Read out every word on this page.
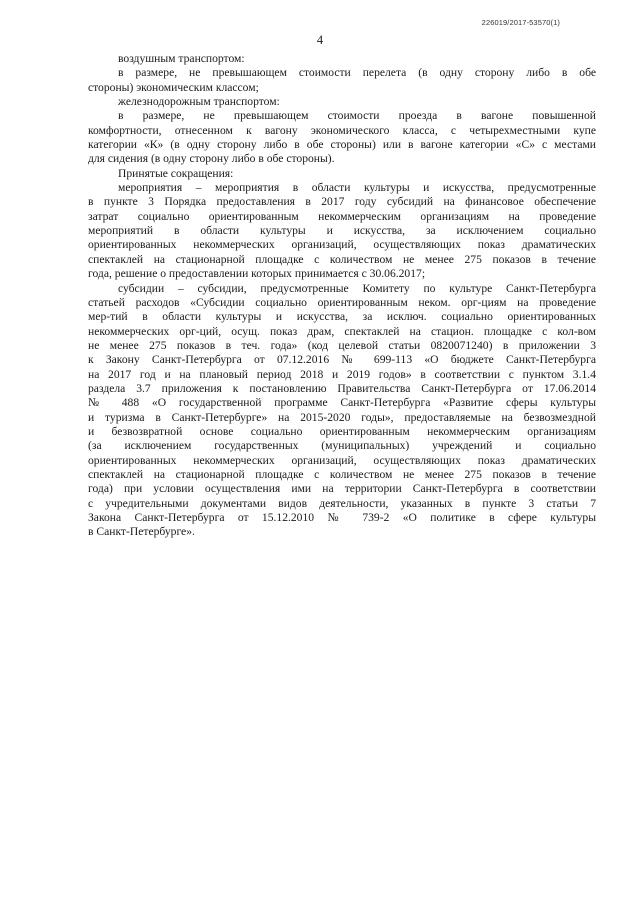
226019/2017-53570(1)
4
воздушным транспортом:
в размере, не превышающем стоимости перелета (в одну сторону либо в обе
стороны) экономическим классом;
железнодорожным транспортом:
в размере, не превышающем стоимости проезда в вагоне повышенной
комфортности, отнесенном к вагону экономического класса, с четырехместными купе
категории «К» (в одну сторону либо в обе стороны) или в вагоне категории «С» с местами
для сидения (в одну сторону либо в обе стороны).
Принятые сокращения:
мероприятия – мероприятия в области культуры и искусства, предусмотренные
в пункте 3 Порядка предоставления в 2017 году субсидий на финансовое обеспечение
затрат социально ориентированным некоммерческим организациям на проведение
мероприятий в области культуры и искусства, за исключением социально
ориентированных некоммерческих организаций, осуществляющих показ драматических
спектаклей на стационарной площадке с количеством не менее 275 показов в течение
года, решение о предоставлении которых принимается с 30.06.2017;
субсидии – субсидии, предусмотренные Комитету по культуре Санкт-Петербурга
статьей расходов «Субсидии социально ориентированным неком. орг-циям на проведение
мер-тий в области культуры и искусства, за исключ. социально ориентированных
некоммерческих орг-ций, осущ. показ драм, спектаклей на стацион. площадке с кол-вом
не менее 275 показов в теч. года» (код целевой статьи 0820071240) в приложении 3
к Закону Санкт-Петербурга от 07.12.2016 № 699-113 «О бюджете Санкт-Петербурга
на 2017 год и на плановый период 2018 и 2019 годов» в соответствии с пунктом 3.1.4
раздела 3.7 приложения к постановлению Правительства Санкт-Петербурга от 17.06.2014
№ 488 «О государственной программе Санкт-Петербурга «Развитие сферы культуры
и туризма в Санкт-Петербурге» на 2015-2020 годы», предоставляемые на безвозмездной
и безвозвратной основе социально ориентированным некоммерческим организациям
(за исключением государственных (муниципальных) учреждений и социально
ориентированных некоммерческих организаций, осуществляющих показ драматических
спектаклей на стационарной площадке с количеством не менее 275 показов в течение
года) при условии осуществления ими на территории Санкт-Петербурга в соответствии
с учредительными документами видов деятельности, указанных в пункте 3 статьи 7
Закона Санкт-Петербурга от 15.12.2010 № 739-2 «О политике в сфере культуры
в Санкт-Петербурге».
